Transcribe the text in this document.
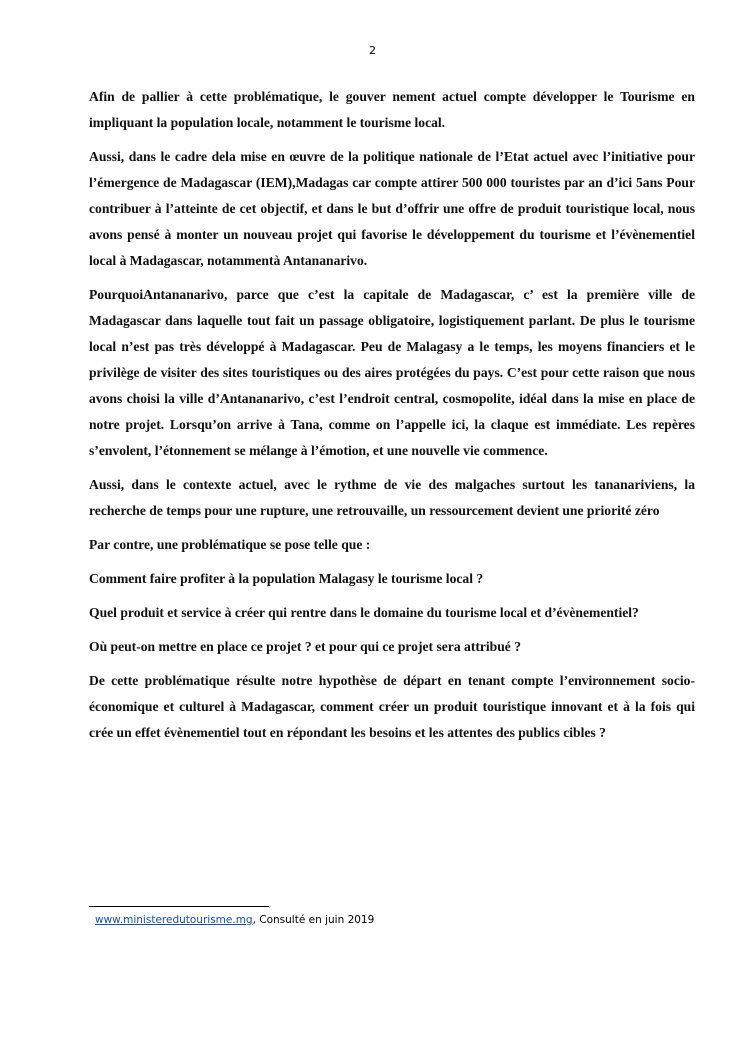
2

Afin de pallier à cette problématique, le gouver nement actuel compte développer le Tourisme en impliquant la population locale, notamment le tourisme local.

Aussi, dans le cadre dela mise en œuvre de la politique nationale de l’Etat actuel avec l’initiative pour l’émergence de Madagascar (IEM),Madagas car compte attirer 500 000 touristes par an d’ici 5ans Pour contribuer à l’atteinte de cet objectif, et dans le but d’offrir une offre de produit touristique local, nous avons pensé à monter un nouveau projet qui favorise le développement du tourisme et l’évènementiel local à Madagascar, notammentà Antananarivo.

PourquoiAntananarivo, parce que c’est la capitale de Madagascar, c’ est la première ville de Madagascar dans laquelle tout fait un passage obligatoire, logistiquement parlant. De plus le tourisme local n’est pas très développé à Madagascar. Peu de Malagasy a le temps, les moyens financiers et le privilège de visiter des sites touristiques ou des aires protégées du pays. C’est pour cette raison que nous avons choisi la ville d’Antananarivo, c’est l’endroit central, cosmopolite, idéal dans la mise en place de notre projet. Lorsqu’on arrive à Tana, comme on l’appelle ici, la claque est immédiate. Les repères s’envolent, l’étonnement se mélange à l’émotion, et une nouvelle vie commence.

Aussi, dans le contexte actuel, avec le rythme de vie des malgaches surtout les tananariviens, la recherche de temps pour une rupture, une retrouvaille, un ressourcement devient une priorité zéro

Par contre, une problématique se pose telle que :

Comment faire profiter à la population Malagasy le tourisme local ?

Quel produit et service à créer qui rentre dans le domaine du tourisme local et d’évènementiel?

Où peut-on mettre en place ce projet ? et pour qui ce projet sera attribué ?

De cette problématique résulte notre hypothèse de départ en tenant compte l’environnement socio-économique et culturel à Madagascar, comment créer un produit touristique innovant et à la fois qui crée un effet évènementiel tout en répondant les besoins et les attentes des publics cibles ?

www.ministeredutourisme.mg, Consulté en juin 2019
